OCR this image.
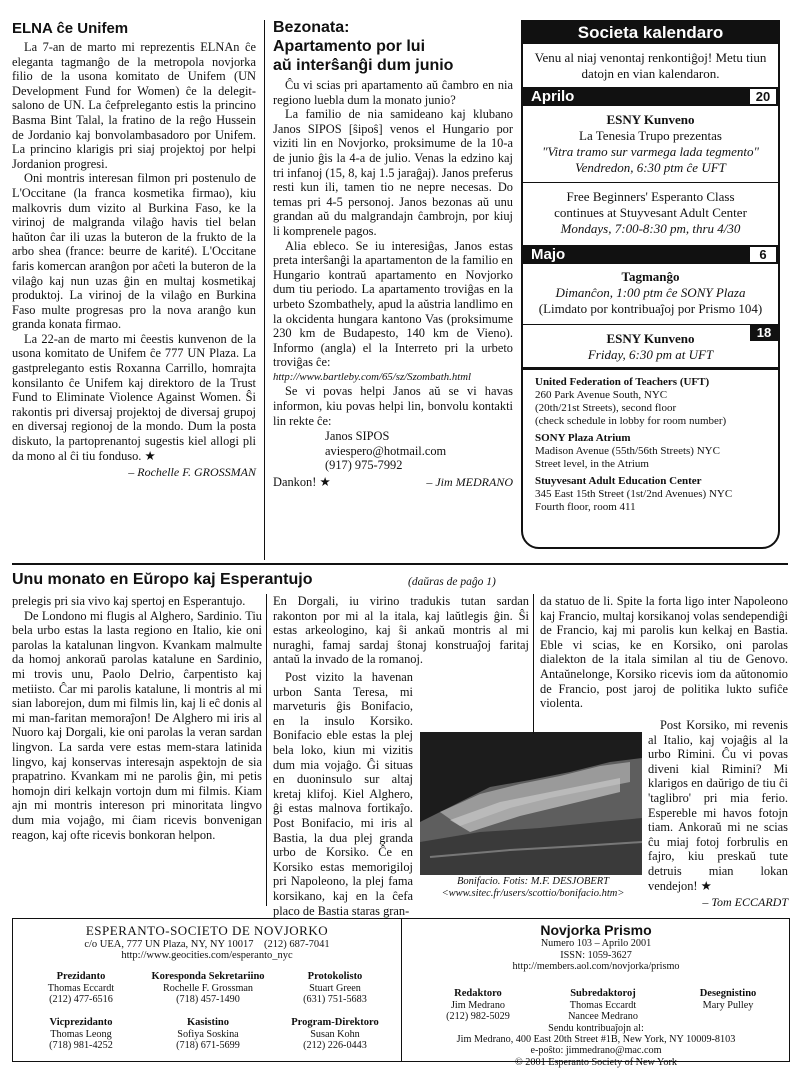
ELNA ĉe Unifem

La 7-an de marto mi reprezentis ELNAn ĉe eleganta tagmanĝo de la metropola novjorka filio de la usona komitato de Unifem (UN Development Fund for Women) ĉe la delegit-salono de UN. La ĉefpreleganto estis la princino Basma Bint Talal, la fratino de la reĝo Hussein de Jordanio kaj bonvolambasadoro por Unifem. La princino klarigis pri siaj projektoj por helpi Jordanion progresi.

Oni montris interesan filmon pri postenulo de L'Occitane (la franca kosmetika firmao), kiu malkovris dum vizito al Burkina Faso, ke la virinoj de malgranda vilaĝo havis tiel belan haŭton ĉar ili uzas la buteron de la frukto de la arbo shea (france: beurre de karité). L'Occitane faris komercan aranĝon por aĉeti la buteron de la vilaĝo kaj nun uzas ĝin en multaj kosmetikaj produktoj. La virinoj de la vilaĝo en Burkina Faso multe progresas pro la nova aranĝo kun granda konata firmao.

La 22-an de marto mi ĉeestis kunvenon de la usona komitato de Unifem ĉe 777 UN Plaza. La gastpreleganto estis Roxanna Carrillo, homrajta konsilanto ĉe Unifem kaj direktoro de la Trust Fund to Eliminate Violence Against Women. Ŝi rakontis pri diversaj projektoj de diversaj grupoj en diversaj regionoj de la mondo. Dum la posta diskuto, la partoprenantoj sugestis kiel allogi pli da mono al ĉi tiu fonduso. ★

– Rochelle F. GROSSMAN
Bezonata:
Apartamento por lui
aŭ interŝanĝi dum junio

Ĉu vi scias pri apartamento aŭ ĉambro en nia regiono luebla dum la monato junio?

La familio de nia samideano kaj klubano Janos SIPOS [ŝipoŝ] venos el Hungario por viziti lin en Novjorko, proksimume de la 10-a de junio ĝis la 4-a de julio. Venas la edzino kaj tri infanoj (15, 8, kaj 1.5 jaraĝaj). Janos preferus resti kun ili, tamen tio ne nepre necesas. Do temas pri 4-5 personoj. Janos bezonas aŭ unu grandan aŭ du malgrandajn ĉambrojn, por kiuj li komprenele pagos.

Alia ebleco. Se iu interesiĝas, Janos estas preta interŝanĝi la apartamenton de la familio en Hungario kontraŭ apartamento en Novjorko dum tiu periodo. La apartamento troviĝas en la urbeto Szombathely, apud la aŭstria landlimo en la okcidenta hungara kantono Vas (proksimume 230 km de Budapesto, 140 km de Vieno). Informo (angla) el la Interreto pri la urbeto troviĝas ĉe:

http://www.bartleby.com/65/sz/Szombath.html

Se vi povas helpi Janos aŭ se vi havas informon, kiu povas helpi lin, bonvolu kontakti lin rekte ĉe:

Janos SIPOS
aviespero@hotmail.com
(917) 975-7992
Dankon! ★	– Jim MEDRANO
Societa kalendaro
Venu al niaj venontaj renkontiĝoj! Metu tiun datojn en vian kalendaron.
Aprilo	20
ESNY Kunveno
La Tenesia Trupo prezentas
"Vitra tramo sur varmega lada tegmento"
Vendredon, 6:30 ptm ĉe UFT
Free Beginners' Esperanto Class
continues at Stuyvesant Adult Center
Mondays, 7:00-8:30 pm, thru 4/30
Majo	6
Tagmanĝo
Dimanĉon, 1:00 ptm ĉe SONY Plaza
(Limdato por kontribuaĵoj por Prismo 104)
18
ESNY Kunveno
Friday, 6:30 pm at UFT
United Federation of Teachers (UFT)
260 Park Avenue South, NYC
(20th/21st Streets), second floor
(check schedule in lobby for room number)
SONY Plaza Atrium
Madison Avenue (55th/56th Streets) NYC
Street level, in the Atrium
Stuyvesant Adult Education Center
345 East 15th Street (1st/2nd Avenues) NYC
Fourth floor, room 411
Unu monato en Eŭropo kaj Esperantujo	(daŭras de paĝo 1)
prelegis pri sia vivo kaj spertoj en Esperantujo.

De Londono mi flugis al Alghero, Sardinio. Tiu bela urbo estas la lasta regiono en Italio, kie oni parolas la katalunan lingvon. Kvankam malmulte da homoj ankoraŭ parolas katalune en Sardinio, mi trovis unu, Paolo Delrio, ĉarpentisto kaj metiisto. Ĉar mi parolis katalune, li montris al mi sian laborejon, dum mi filmis lin, kaj li eĉ donis al mi man-faritan memoraĵon! De Alghero mi iris al Nuoro kaj Dorgali, kie oni parolas la veran sardan lingvon. La sarda vere estas mem-stara latinida lingvo, kaj konservas interesajn aspektojn de sia prapatrino. Kvankam mi ne parolis ĝin, mi petis homojn diri kelkajn vortojn dum mi filmis. Kiam ajn mi montris intereson pri minoritata lingvo dum mia vojaĝo, mi ĉiam ricevis bonvenigan reagon, kaj ofte ricevis bonkoran helpon.

En Dorgali, iu virino tradukis tutan sardan rakonton por mi al la itala, kaj laŭtlegis ĝin. Ŝi estas arkeologino, kaj ŝi ankaŭ montris al mi nuraghi, famaj sardaj ŝtonaj konstruaĵoj faritaj antaŭ la invado de la romanoj.

Post vizito la havenan urbon Santa Teresa, mi marveturis ĝis Bonifacio, en la insulo Korsiko. Bonifacio eble estas la plej bela loko, kiun mi vizitis dum mia vojaĝo. Ĝi situas en duoninsulo sur altaj kretaj klifoj. Kiel Alghero, ĝi estas malnova fortikaĵo. Post Bonifacio, mi iris al Bastia, la dua plej granda urbo de Korsiko. Ĉe en Korsiko estas memorigiloj pri Napoleono, la plej fama korsikano, kaj en la ĉefa placo de Bastia staras gran-

Bonifacio. Fotis: M.F. DESJOBERT
<www.sitec.fr/users/scottio/bonifacio.htm>
da statuo de li. Spite la forta ligo inter Napoleono kaj Francio, multaj korsikanoj volas sendependiĝi de Francio, kaj mi parolis kun kelkaj en Bastia. Eble vi scias, ke en Korsiko, oni parolas dialekton de la itala similan al tiu de Genovo. Antaŭnelonge, Korsiko ricevis iom da aŭtonomio de Francio, post jaroj de politika lukto sufiĉe violenta.

Post Korsiko, mi revenis al Italio, kaj vojaĝis al la urbo Rimini. Ĉu vi povas diveni kial Rimini? Mi klarigos en daŭrigo de tiu ĉi 'taglibro' pri mia ferio. Espereble mi havos fotojn tiam. Ankoraŭ mi ne scias ĉu miaj fotoj forbrulis en fajro, kiu preskaŭ tute detruis mian lokan vendejon! ★

– Tom ECCARDT
ESPERANTO-SOCIETO DE NOVJORKO
c/o UEA, 777 UN Plaza, NY, NY 10017 (212) 687-7041
http://www.geocities.com/esperanto_nyc
Prezidanto
Thomas Eccardt
(212) 477-6516
Korespondа Sekretariino
Rochelle F. Grossman
(718) 457-1490
Protokolisto
Stuart Green
(631) 751-5683
Vicprezidanto
Thomas Leong
(718) 981-4252
Kasistino
Sofiya Soskina
(718) 671-5699
Program-Direktoro
Susan Kohn
(212) 226-0443
Novjorka Prismo
Numero 103 – Aprilo 2001
ISSN: 1059-3627
http://members.aol.com/novjorka/prismo
Redaktoro
Jim Medrano
(212) 982-5029
Subredaktoroj
Thomas Eccardt
Nancee Medrano
Desegnistino
Mary Pulley
Sendu kontribuaĵojn al:
Jim Medrano, 400 East 20th Street #1B, New York, NY 10009-8103
e-poŝto: jimmedrano@mac.com
© 2001 Esperanto Society of New York
